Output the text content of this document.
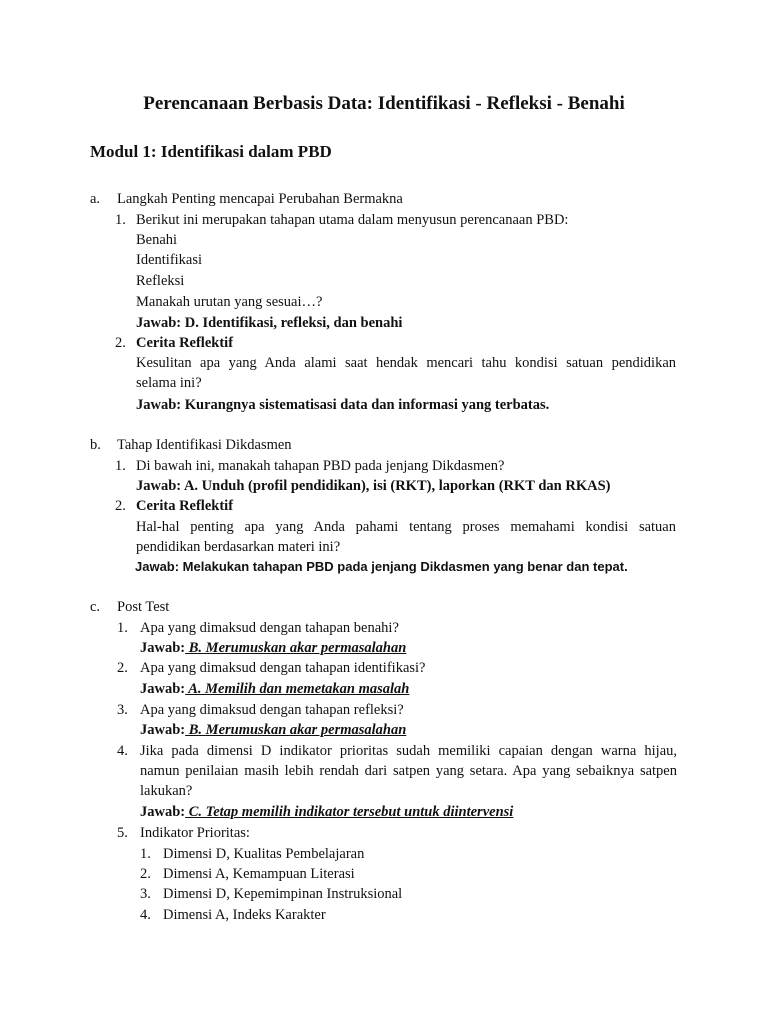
Perencanaan Berbasis Data: Identifikasi - Refleksi - Benahi
Modul 1: Identifikasi dalam PBD
a. Langkah Penting mencapai Perubahan Bermakna
1. Berikut ini merupakan tahapan utama dalam menyusun perencanaan PBD:
Benahi
Identifikasi
Refleksi
Manakah urutan yang sesuai…?
Jawab: D. Identifikasi, refleksi, dan benahi
2. Cerita Reflektif
Kesulitan apa yang Anda alami saat hendak mencari tahu kondisi satuan pendidikan
selama ini?
Jawab: Kurangnya sistematisasi data dan informasi yang terbatas.
b. Tahap Identifikasi Dikdasmen
1. Di bawah ini, manakah tahapan PBD pada jenjang Dikdasmen?
Jawab: A. Unduh (profil pendidikan), isi (RKT), laporkan (RKT dan RKAS)
2. Cerita Reflektif
Hal-hal penting apa yang Anda pahami tentang proses memahami kondisi satuan
pendidikan berdasarkan materi ini?
Jawab: Melakukan tahapan PBD pada jenjang Dikdasmen yang benar dan tepat.
c. Post Test
1. Apa yang dimaksud dengan tahapan benahi?
Jawab: B. Merumuskan akar permasalahan
2. Apa yang dimaksud dengan tahapan identifikasi?
Jawab: A. Memilih dan memetakan masalah
3. Apa yang dimaksud dengan tahapan refleksi?
Jawab: B. Merumuskan akar permasalahan
4. Jika pada dimensi D indikator prioritas sudah memiliki capaian dengan warna hijau,
namun penilaian masih lebih rendah dari satpen yang setara. Apa yang sebaiknya satpen
lakukan?
Jawab: C. Tetap memilih indikator tersebut untuk diintervensi
5. Indikator Prioritas:
1. Dimensi D, Kualitas Pembelajaran
2. Dimensi A, Kemampuan Literasi
3. Dimensi D, Kepemimpinan Instruksional
4. Dimensi A, Indeks Karakter
